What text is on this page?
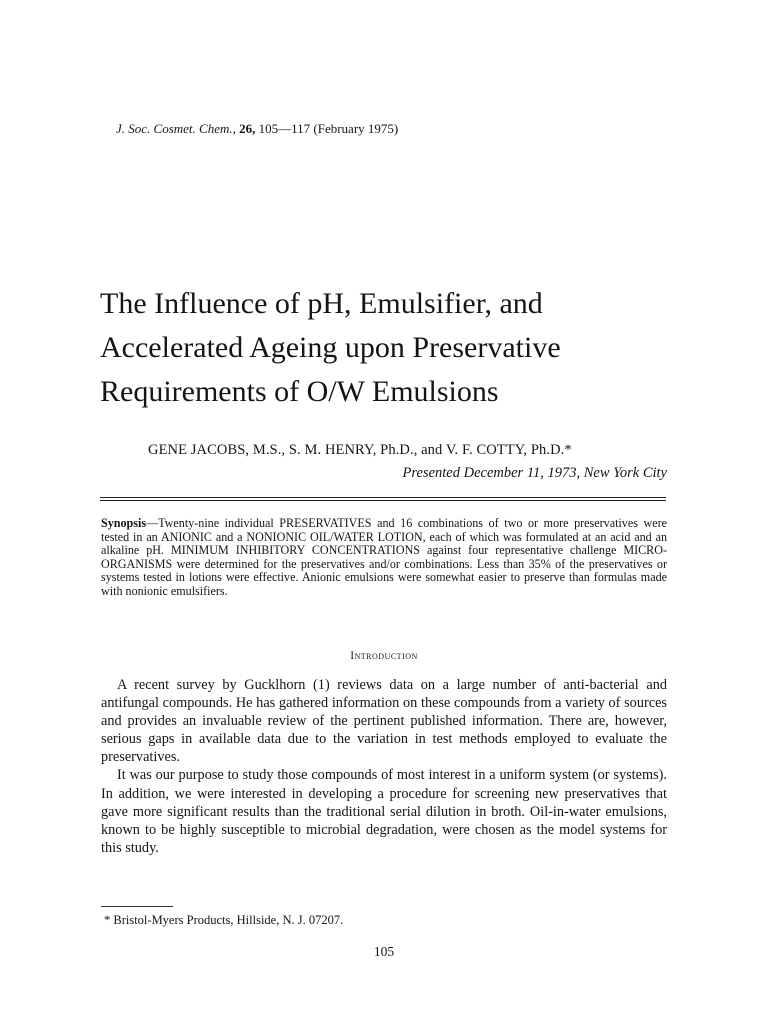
J. Soc. Cosmet. Chem., 26, 105—117 (February 1975)
The Influence of pH, Emulsifier, and
Accelerated Ageing upon Preservative
Requirements of O/W Emulsions
GENE JACOBS, M.S., S. M. HENRY, Ph.D., and V. F. COTTY, Ph.D.*
Presented December 11, 1973, New York City

Synopsis—Twenty-nine individual PRESERVATIVES and 16 combinations of two or more preservatives were tested in an ANIONIC and a NONIONIC OIL/WATER LOTION, each of which was formulated at an acid and an alkaline pH. MINIMUM INHIBITORY CONCENTRATIONS against four representative challenge MICRO-ORGANISMS were determined for the preservatives and/or combinations. Less than 35% of the preservatives or systems tested in lotions were effective. Anionic emulsions were somewhat easier to preserve than formulas made with nonionic emulsifiers.

Introduction

A recent survey by Gucklhorn (1) reviews data on a large number of anti-bacterial and antifungal compounds. He has gathered information on these compounds from a variety of sources and provides an invaluable review of the pertinent published information. There are, however, serious gaps in available data due to the variation in test methods employed to evaluate the preservatives.

It was our purpose to study those compounds of most interest in a uniform system (or systems). In addition, we were interested in developing a procedure for screening new preservatives that gave more significant results than the traditional serial dilution in broth. Oil-in-water emulsions, known to be highly susceptible to microbial degradation, were chosen as the model systems for this study.

* Bristol-Myers Products, Hillside, N. J. 07207.
105
